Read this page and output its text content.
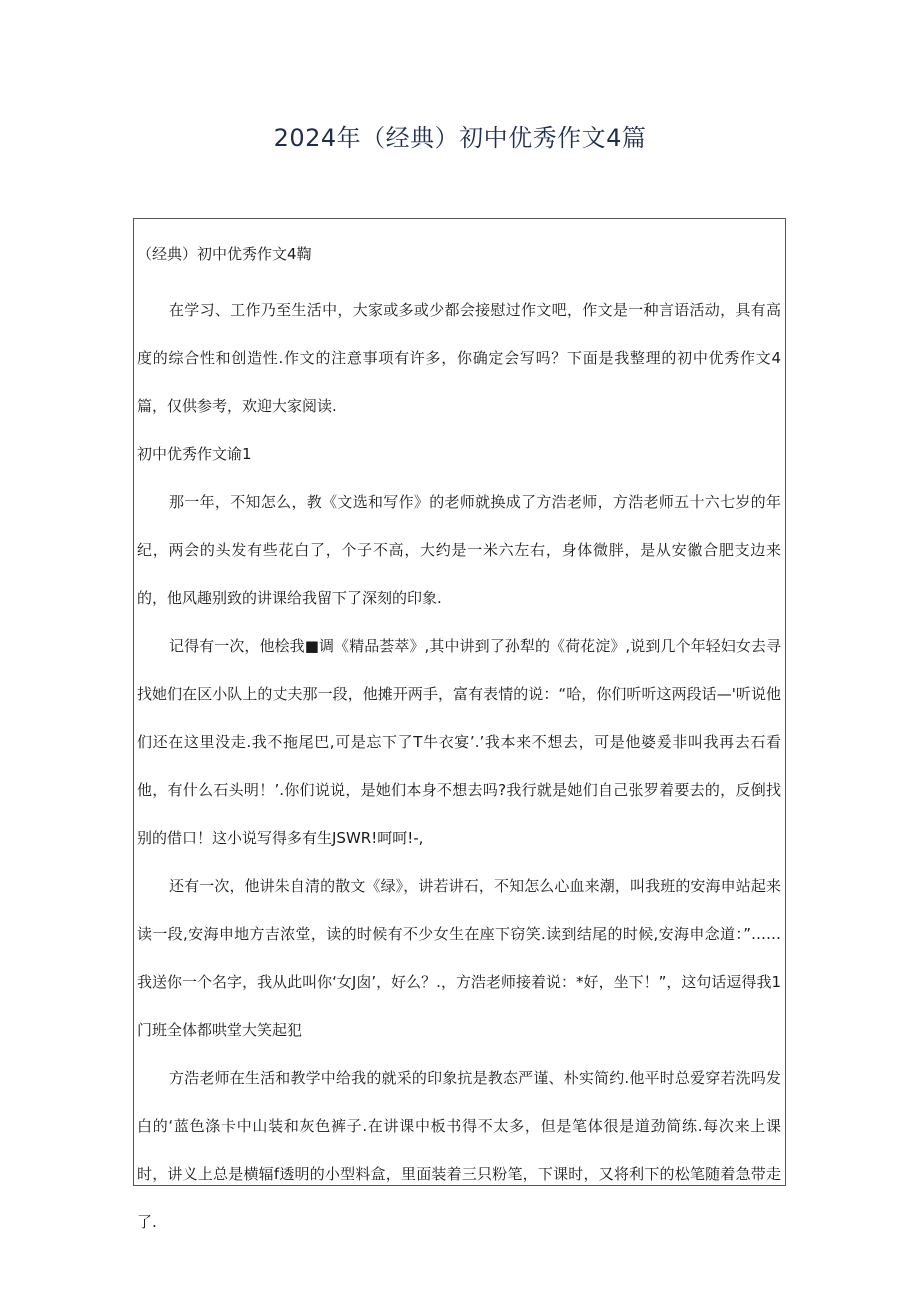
2024年（经典）初中优秀作文4篇

（经典）初中优秀作文4鞫

在学习、工作乃至生活中，大家或多或少都会接慰过作文吧，作文是一种言语活动，具有高度的综合性和创造性.作文的注意事项有许多，你确定会写吗？下面是我整理的初中优秀作文4篇，仅供参考，欢迎大家阅读.

初中优秀作文谕1

那一年，不知怎么，教《文选和写作》的老师就换成了方浩老师，方浩老师五十六七岁的年纪，两会的头发有些花白了，个子不高，大约是一米六左右，身体微胖，是从安徽合肥支边来的，他风趣别致的讲课给我留下了深刻的印象.

记得有一次，他桧我■调《精品荟萃》,其中讲到了孙犁的《荷花淀》,说到几个年轻妇女去寻找她们在区小队上的丈夫那一段，他摊开两手，富有表情的说：“哈，你们听听这两段话—'听说他们还在这里没走.我不拖尾巴,可是忘下了T牛衣宴’.’我本来不想去，可是他婆爰非叫我再去石看他，有什么石头明！’.你们说说，是她们本身不想去吗?我行就是她们自己张罗着要去的，反倒找别的借口！这小说写得多有生JSWR!呵呵!-,

还有一次，他讲朱自清的散文《绿》，讲若讲石，不知怎么心血来潮，叫我班的安海申站起来读一段,安海申地方吉浓堂，读的时候有不少女生在座下窃笑.读到结尾的时候,安海申念道：”……我送你一个名字，我从此叫你‘女J囱’，好么？.，方浩老师接着说：*好，坐下！”，这句话逗得我1门班全体都哄堂大笑起犯

方浩老师在生活和教学中给我的就采的印象抗是教态严谨、朴实简约.他平时总爱穿若洗吗发白的‘蓝色涤卡中山装和灰色裤子.在讲课中板书得不太多，但是笔体很是道劲简练.每次来上课时，讲义上总是横辐f透明的小型料盒，里面装着三只粉笔，下课时，又将利下的松笔随着急带走了.
